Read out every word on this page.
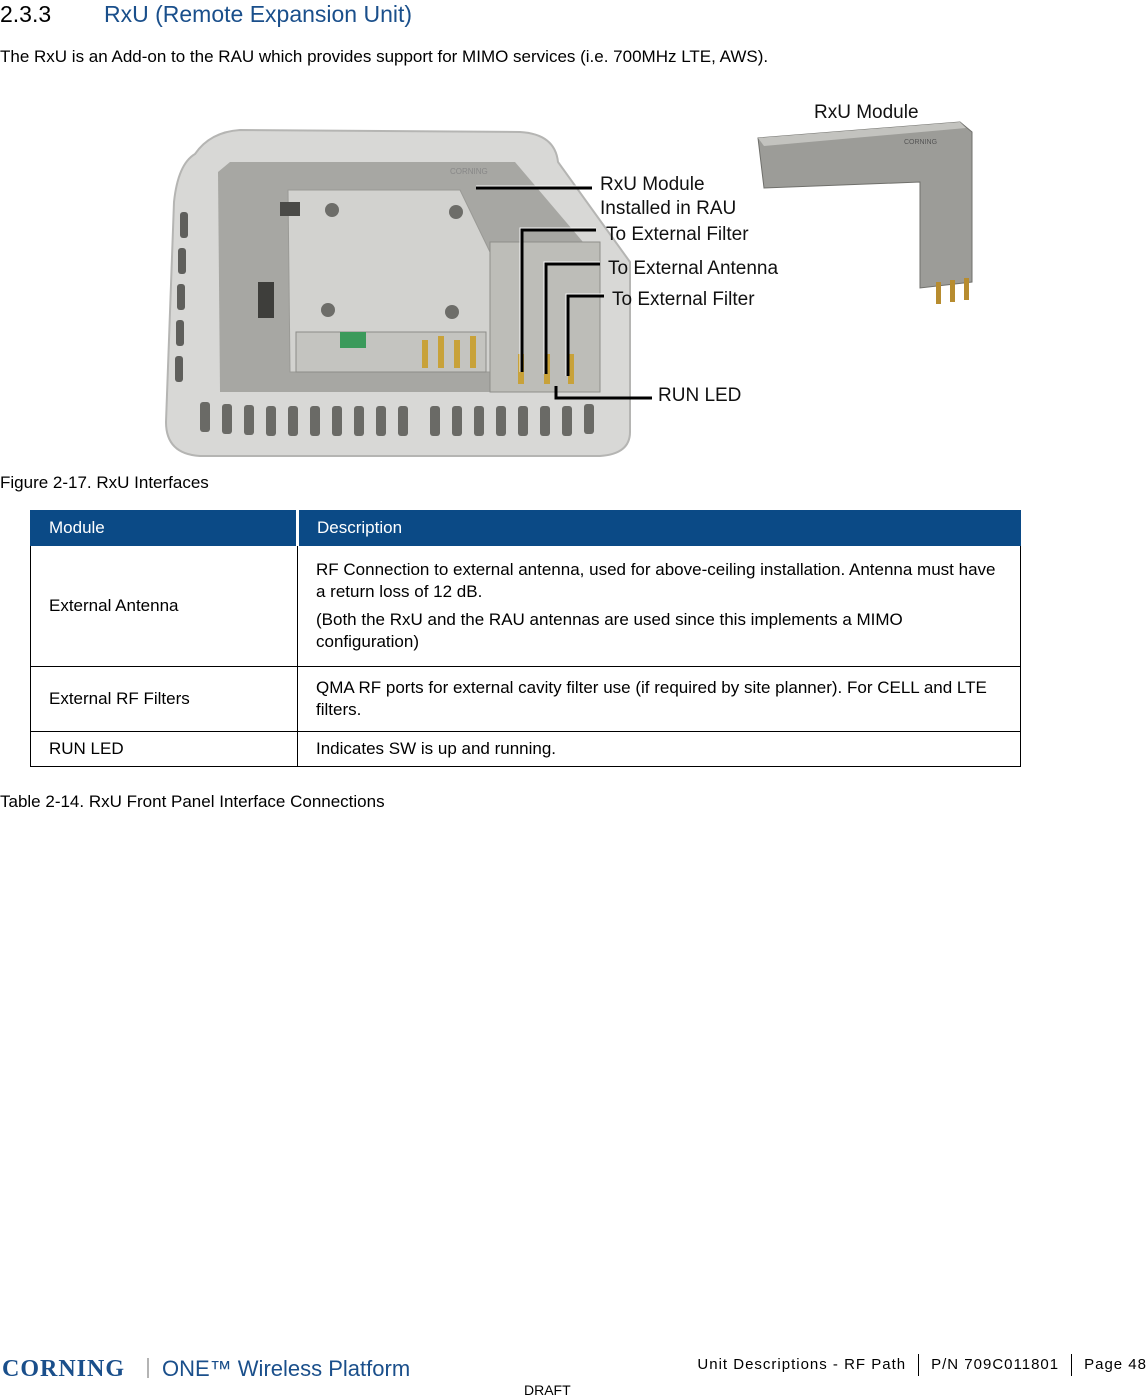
2.3.3 RxU (Remote Expansion Unit)
The RxU is an Add-on to the RAU which provides support for MIMO services (i.e. 700MHz LTE, AWS).
CORNING
CORNING
RxU Module
RxU Module
Installed in RAU
To External Filter
To External Antenna
To External Filter
RUN LED
Figure 2-17. RxU Interfaces
Module	Description
External Antenna	RF Connection to external antenna, used for above-ceiling installation. Antenna must have a return loss of 12 dB.

(Both the RxU and the RAU antennas are used since this implements a MIMO configuration)

External RF Filters	QMA RF ports for external cavity filter use (if required by site planner). For CELL and LTE filters.

RUN LED	Indicates SW is up and running.

Table 2-14. RxU Front Panel Interface Connections
CORNING ONE™ Wireless Platform	Unit Descriptions - RF Path	P/N 709C011801	Page 48
DRAFT
